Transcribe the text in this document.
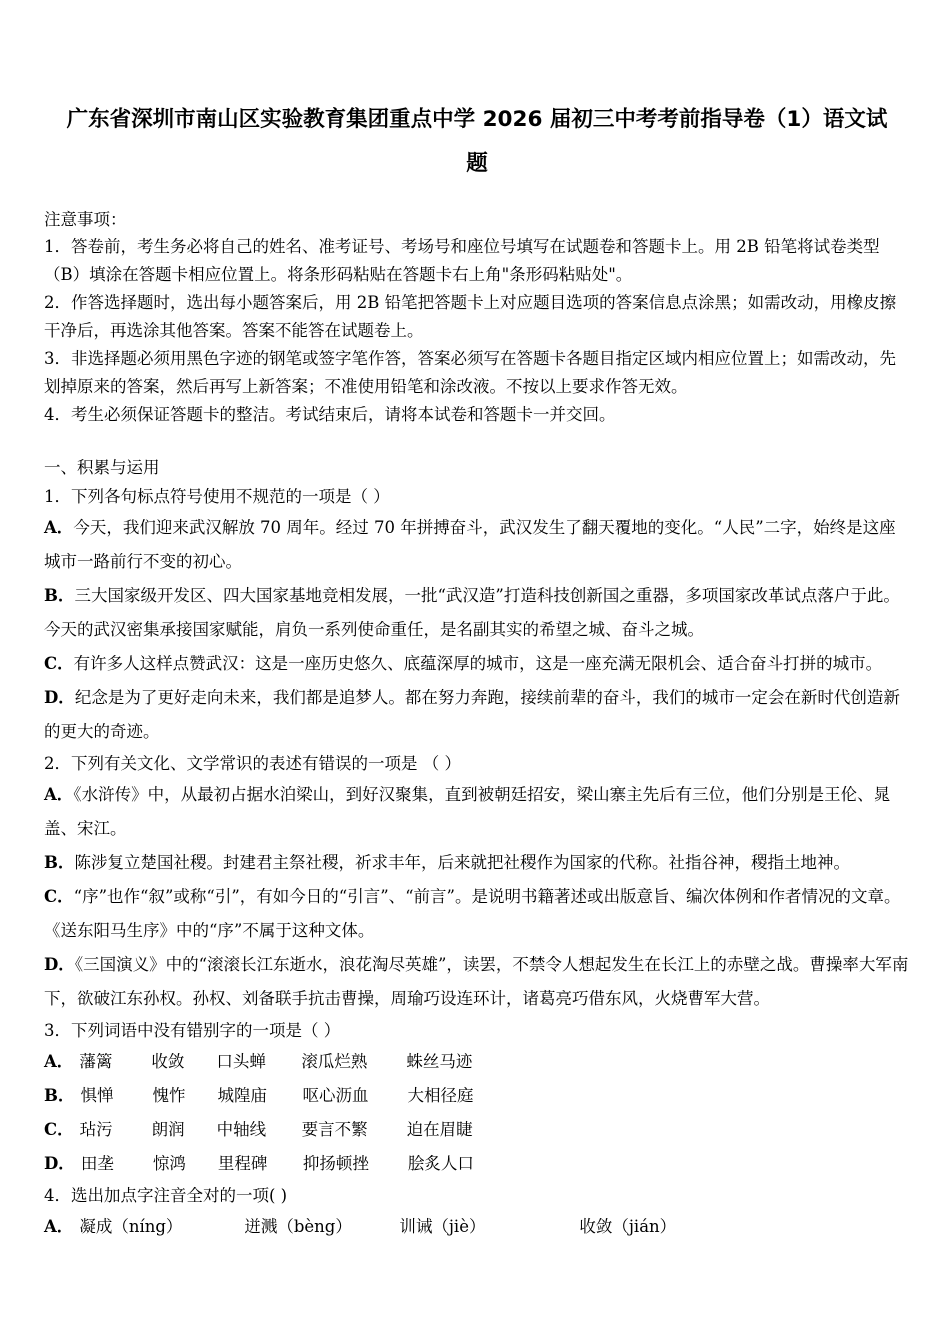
广东省深圳市南山区实验教育集团重点中学 2026 届初三中考考前指导卷（1）语文试
题

注意事项：

1．答卷前，考生务必将自己的姓名、准考证号、考场号和座位号填写在试题卷和答题卡上。用 2B 铅笔将试卷类型（B）填涂在答题卡相应位置上。将条形码粘贴在答题卡右上角"条形码粘贴处"。

2．作答选择题时，选出每小题答案后，用 2B 铅笔把答题卡上对应题目选项的答案信息点涂黑；如需改动，用橡皮擦干净后，再选涂其他答案。答案不能答在试题卷上。

3．非选择题必须用黑色字迹的钢笔或签字笔作答，答案必须写在答题卡各题目指定区域内相应位置上；如需改动，先划掉原来的答案，然后再写上新答案；不准使用铅笔和涂改液。不按以上要求作答无效。

4．考生必须保证答题卡的整洁。考试结束后，请将本试卷和答题卡一并交回。

一、积累与运用

1．下列各句标点符号使用不规范的一项是（ ）

A．今天，我们迎来武汉解放 70 周年。经过 70 年拼搏奋斗，武汉发生了翻天覆地的变化。“人民”二字，始终是这座城市一路前行不变的初心。

B．三大国家级开发区、四大国家基地竞相发展，一批“武汉造”打造科技创新国之重器，多项国家改革试点落户于此。今天的武汉密集承接国家赋能，肩负一系列使命重任，是名副其实的希望之城、奋斗之城。

C．有许多人这样点赞武汉：这是一座历史悠久、底蕴深厚的城市，这是一座充满无限机会、适合奋斗打拼的城市。

D．纪念是为了更好走向未来，我们都是追梦人。都在努力奔跑，接续前辈的奋斗，我们的城市一定会在新时代创造新的更大的奇迹。

2．下列有关文化、文学常识的表述有错误的一项是 （ ）

A．《水浒传》中，从最初占据水泊梁山，到好汉聚集，直到被朝廷招安，梁山寨主先后有三位，他们分别是王伦、晁盖、宋江。

B．陈涉复立楚国社稷。封建君主祭社稷，祈求丰年，后来就把社稷作为国家的代称。社指谷神，稷指土地神。

C．“序”也作“叙”或称“引”，有如今日的“引言”、“前言”。是说明书籍著述或出版意旨、编次体例和作者情况的文章。《送东阳马生序》中的“序”不属于这种文体。

D．《三国演义》中的“滚滚长江东逝水，浪花淘尽英雄”，读罢，不禁令人想起发生在长江上的赤壁之战。曹操率大军南下，欲破江东孙权。孙权、刘备联手抗击曹操，周瑜巧设连环计，诸葛亮巧借东风，火烧曹军大营。

3．下列词语中没有错别字的一项是（ ）

A． 藩篱 收敛 口头蝉 滚瓜烂熟 蛛丝马迹

B． 惧惮 愧怍 城隍庙 呕心沥血 大相径庭

C． 玷污 朗润 中轴线 要言不繁 迫在眉睫

D． 田垄 惊鸿 里程碑 抑扬顿挫 脍炙人口

4．选出加点字注音全对的一项( )

A． 凝成（níng）	迸溅（bèng）	训诫（jiè）	收敛（jián）
